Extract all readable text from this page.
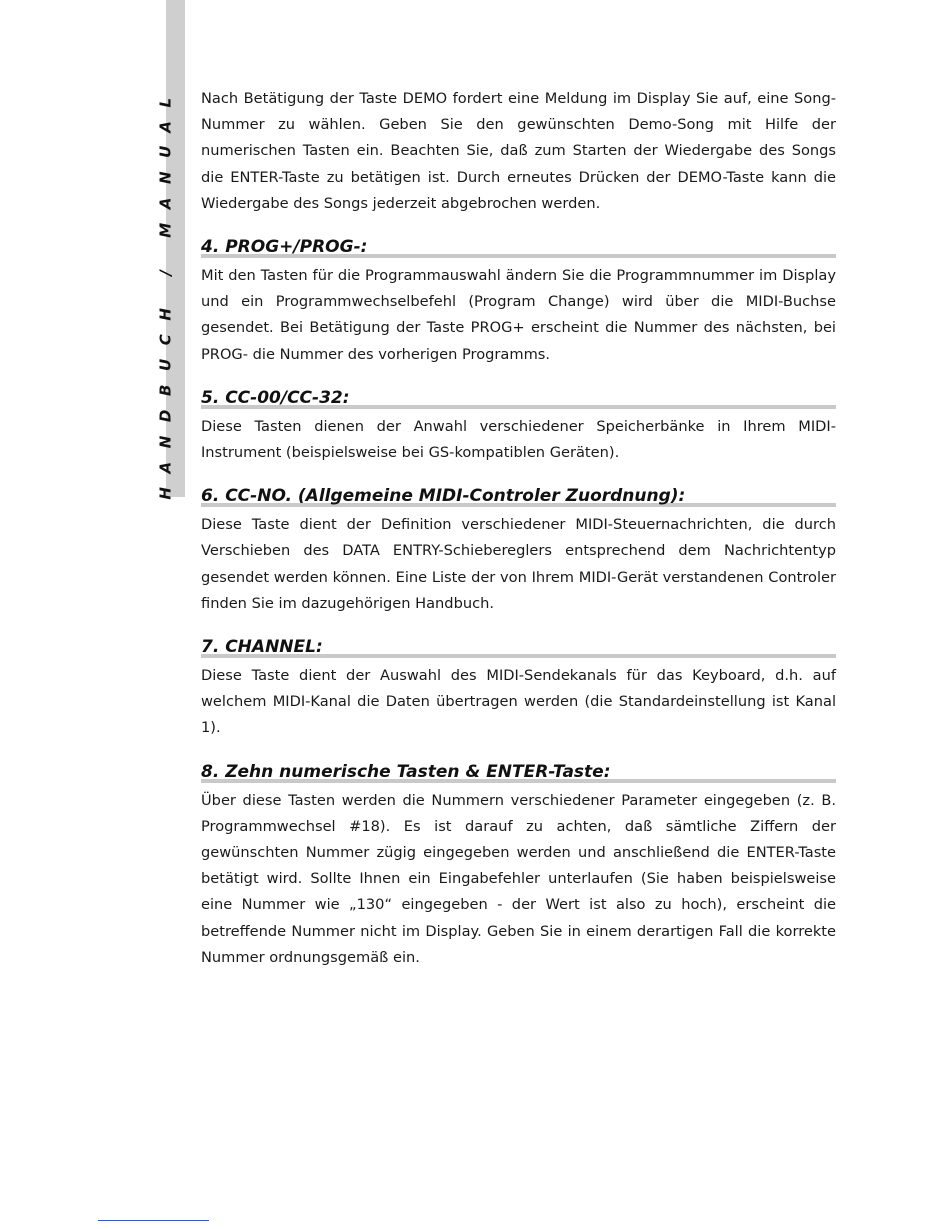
HANDBUCH / MANUAL Nach Betätigung der Taste DEMO fordert eine Meldung im Display Sie auf, eine Song-Nummer zu wählen. Geben Sie den gewünschten Demo-Song mit Hilfe der numerischen Tasten ein. Beachten Sie, daß zum Starten der Wiedergabe des Songs die ENTER-Taste zu betätigen ist. Durch erneutes Drücken der DEMO-Taste kann die Wiedergabe des Songs jederzeit abgebrochen werden.

4. PROG+/PROG-:

Mit den Tasten für die Programmauswahl ändern Sie die Programmnummer im Display und ein Programmwechselbefehl (Program Change) wird über die MIDI-Buchse gesendet. Bei Betätigung der Taste PROG+ erscheint die Nummer des nächsten, bei PROG- die Nummer des vorherigen Programms.

5. CC-00/CC-32:

Diese Tasten dienen der Anwahl verschiedener Speicherbänke in Ihrem MIDI-Instrument (beispielsweise bei GS-kompatiblen Geräten).

6. CC-NO. (Allgemeine MIDI-Controler Zuordnung):

Diese Taste dient der Definition verschiedener MIDI-Steuernachrichten, die durch Verschieben des DATA ENTRY-Schiebereglers entsprechend dem Nachrichtentyp gesendet werden können. Eine Liste der von Ihrem MIDI-Gerät verstandenen Controler finden Sie im dazugehörigen Handbuch.

7. CHANNEL:

Diese Taste dient der Auswahl des MIDI-Sendekanals für das Keyboard, d.h. auf welchem MIDI-Kanal die Daten übertragen werden (die Standardeinstellung ist Kanal 1).

8. Zehn numerische Tasten & ENTER-Taste:

Über diese Tasten werden die Nummern verschiedener Parameter eingegeben (z. B. Programmwechsel #18). Es ist darauf zu achten, daß sämtliche Ziffern der gewünschten Nummer zügig eingegeben werden und anschließend die ENTER-Taste betätigt wird. Sollte Ihnen ein Eingabefehler unterlaufen (Sie haben beispielsweise eine Nummer wie „130“ eingegeben - der Wert ist also zu hoch), erscheint die betreffende Nummer nicht im Display. Geben Sie in einem derartigen Fall die korrekte Nummer ordnungsgemäß ein.
